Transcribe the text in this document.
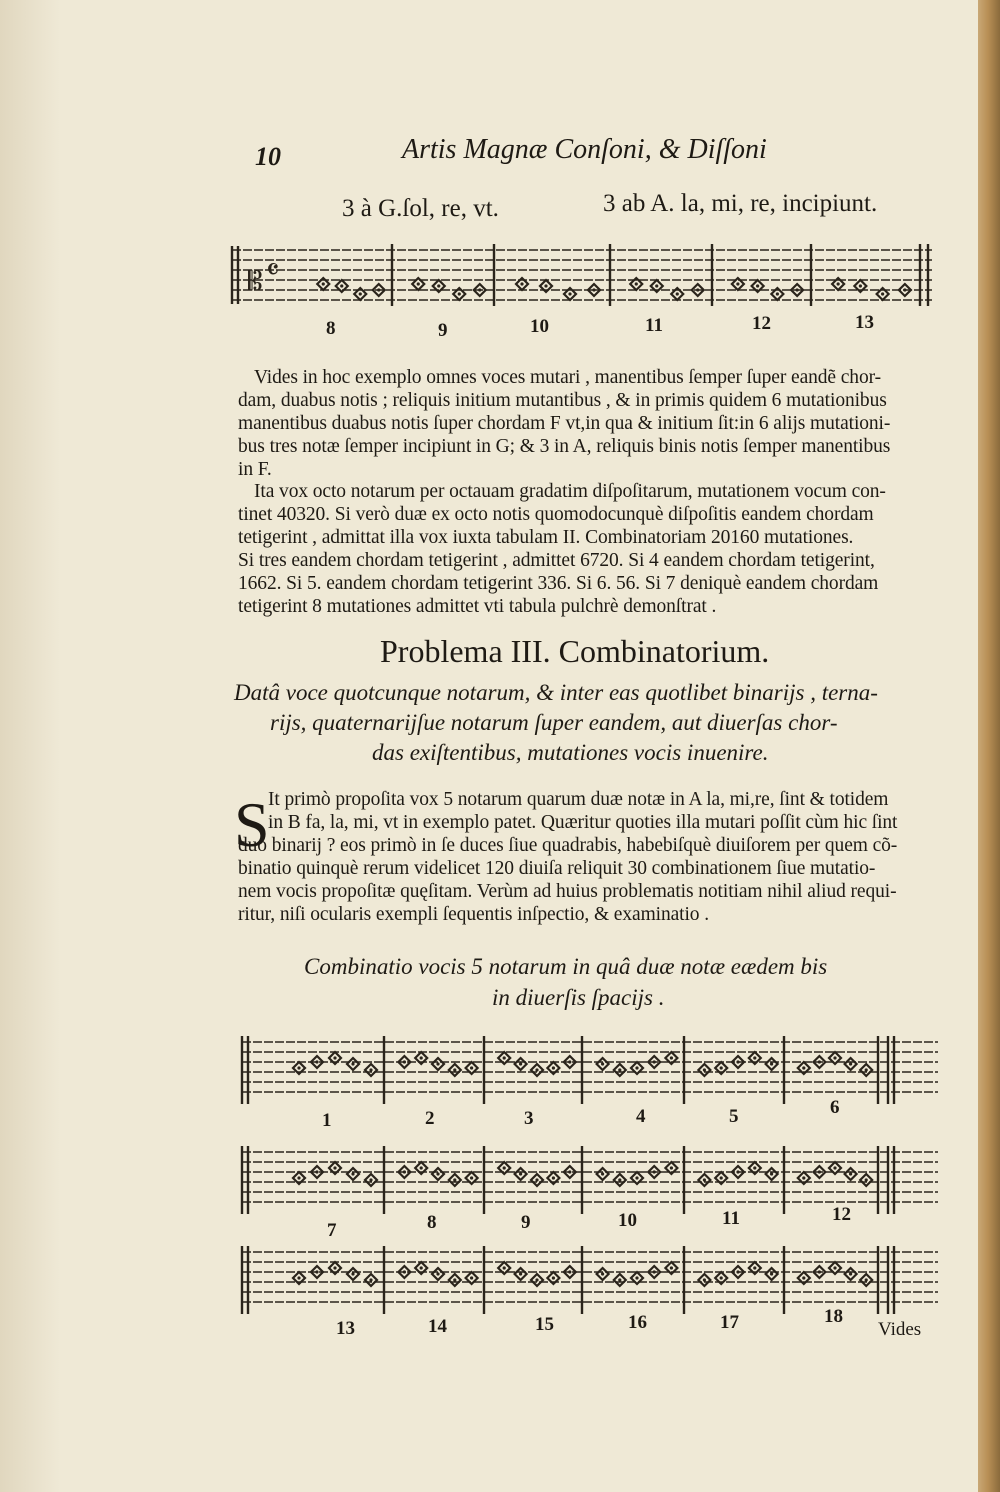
10	Artis Magnæ Conſoni, & Diſſoni
3 à G.ſol, re, vt.	3 ab A. la, mi, re, incipiunt.
𝄡 𝄴
8	9	10	11	12	13
Vides in hoc exemplo omnes voces mutari , manentibus ſemper ſuper eandẽ chor-
dam, duabus notis ; reliquis initium mutantibus , & in primis quidem 6 mutationibus
manentibus duabus notis ſuper chordam F vt,in qua & initium ſit:in 6 alijs mutationi-
bus tres notæ ſemper incipiunt in G; & 3 in A, reliquis binis notis ſemper manentibus
in F.
Ita vox octo notarum per octauam gradatim diſpoſitarum, mutationem vocum con-
tinet 40320. Si verò duæ ex octo notis quomodocunquè diſpoſitis eandem chordam
tetigerint , admittat illa vox iuxta tabulam II. Combinatoriam 20160 mutationes.
Si tres eandem chordam tetigerint , admittet 6720. Si 4 eandem chordam tetigerint,
1662. Si 5. eandem chordam tetigerint 336. Si 6. 56. Si 7 deniquè eandem chordam
tetigerint 8 mutationes admittet vti tabula pulchrè demonſtrat .
Problema III. Combinatorium.
Datâ voce quotcunque notarum, & inter eas quotlibet binarijs , terna-
rijs, quaternarijſue notarum ſuper eandem, aut diuerſas chor-
das exiſtentibus, mutationes vocis inuenire.
S
It primò propoſita vox 5 notarum quarum duæ notæ in A la, mi,re, ſint & totidem
in B fa, la, mi, vt in exemplo patet. Quæritur quoties illa mutari poſſit cùm hic ſint
duo binarij ? eos primò in ſe duces ſiue quadrabis, habebiſquè diuiſorem per quem cõ-
binatio quinquè rerum videlicet 120 diuiſa reliquit 30 combinationem ſiue mutatio-
nem vocis propoſitæ quęſitam. Verùm ad huius problematis notitiam nihil aliud requi-
ritur, niſi ocularis exempli ſequentis inſpectio, & examinatio .
Combinatio vocis 5 notarum in quâ duæ notæ eædem bis
in diuerſis ſpacijs .
1	2	3	4	5	6
7	8	9	10	11	12
13	14	15	16	17	18
Vides
